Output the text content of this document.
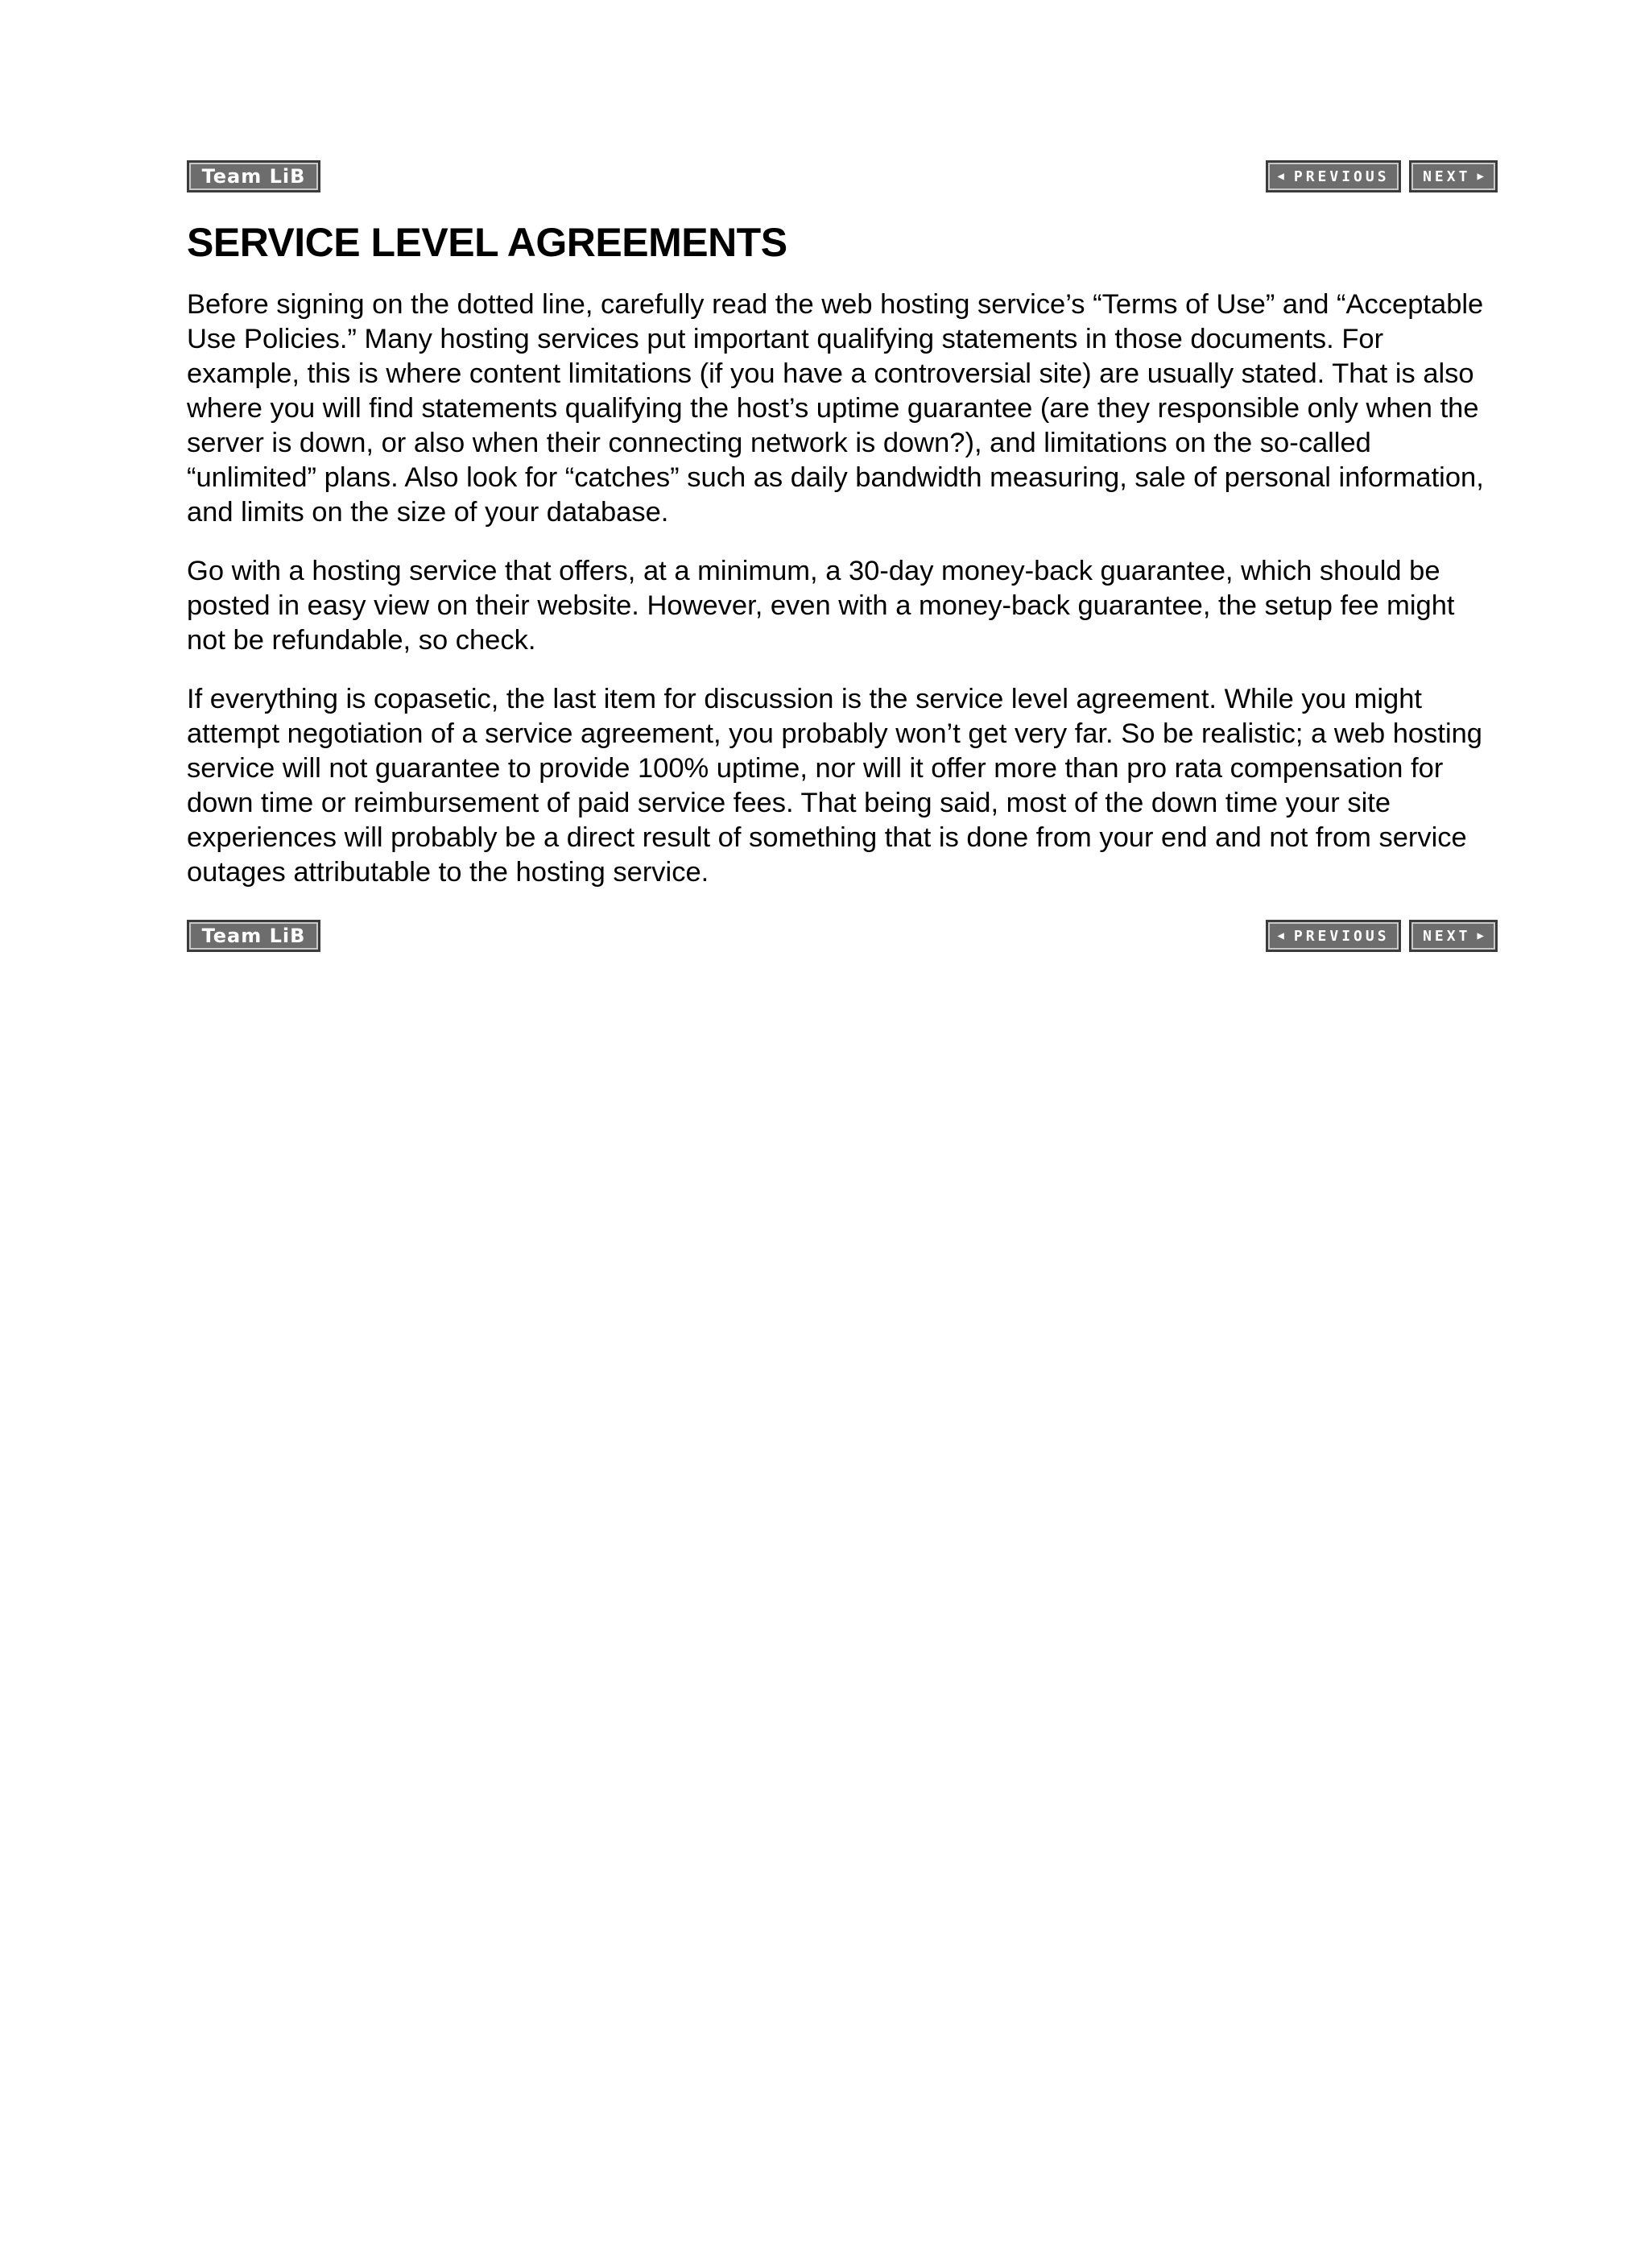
Team LiB	◀ PREVIOUS NEXT ▶
SERVICE LEVEL AGREEMENTS

Before signing on the dotted line, carefully read the web hosting service’s “Terms of Use” and “Acceptable Use Policies.” Many hosting services put important qualifying statements in those documents. For example, this is where content limitations (if you have a controversial site) are usually stated. That is also where you will find statements qualifying the host’s uptime guarantee (are they responsible only when the server is down, or also when their connecting network is down?), and limitations on the so-called “unlimited” plans. Also look for “catches” such as daily bandwidth measuring, sale of personal information, and limits on the size of your database.

Go with a hosting service that offers, at a minimum, a 30-day money-back guarantee, which should be posted in easy view on their website. However, even with a money-back guarantee, the setup fee might not be refundable, so check.

If everything is copasetic, the last item for discussion is the service level agreement. While you might attempt negotiation of a service agreement, you probably won’t get very far. So be realistic; a web hosting service will not guarantee to provide 100% uptime, nor will it offer more than pro rata compensation for down time or reimbursement of paid service fees. That being said, most of the down time your site experiences will probably be a direct result of something that is done from your end and not from service outages attributable to the hosting service.

Team LiB	◀ PREVIOUS NEXT ▶
